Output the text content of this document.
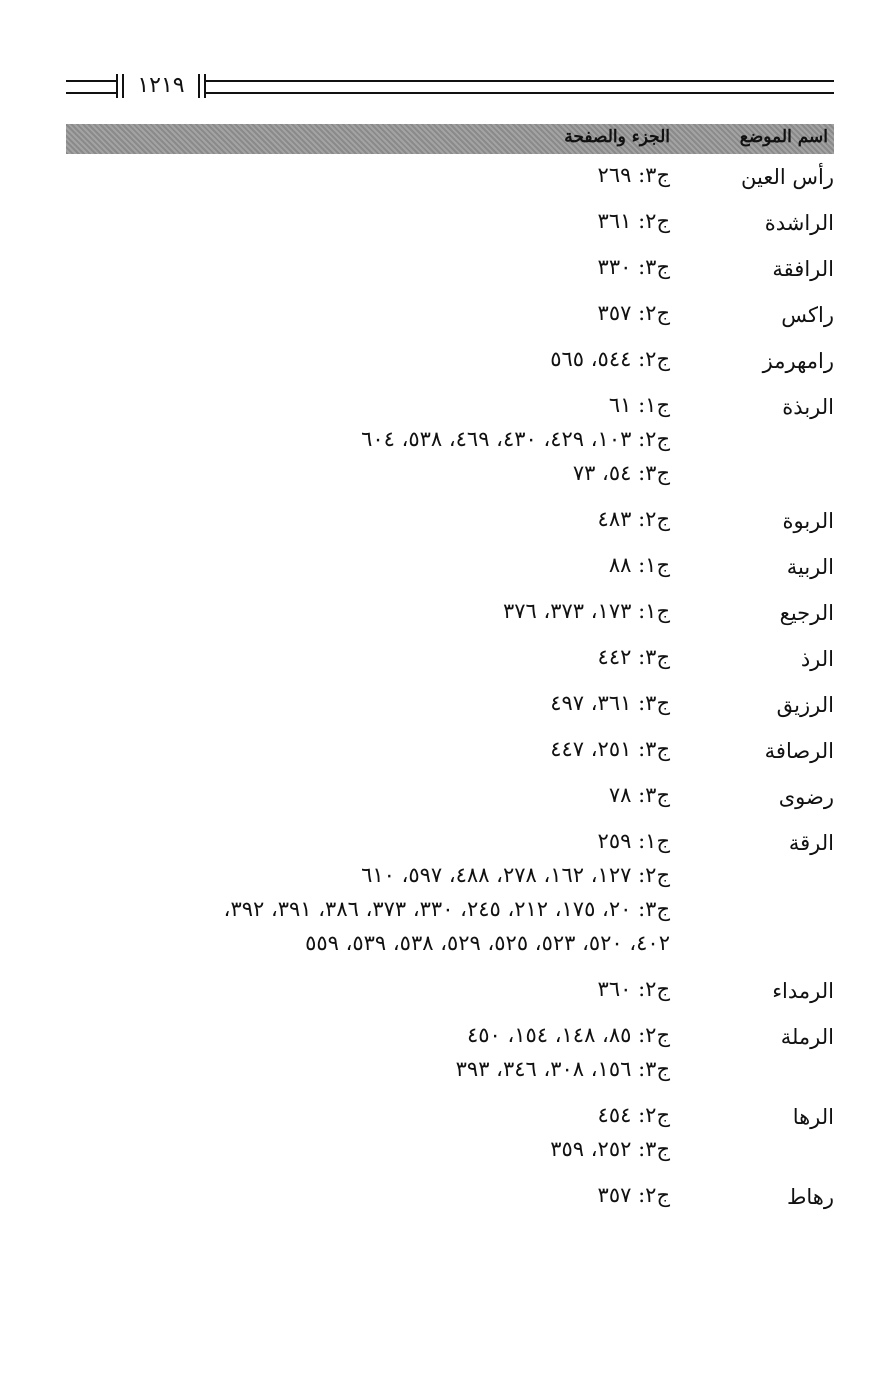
١٢١٩
اسم الموضع
الجزء والصفحة
رأس العين
ج٣: ٢٦٩
الراشدة
ج٢: ٣٦١
الرافقة
ج٣: ٣٣٠
راكس
ج٢: ٣٥٧
رامهرمز
ج٢: ٥٤٤، ٥٦٥
الربذة
ج١: ٦١
ج٢: ١٠٣، ٤٢٩، ٤٣٠، ٤٦٩، ٥٣٨، ٦٠٤
ج٣: ٥٤، ٧٣
الربوة
ج٢: ٤٨٣
الربية
ج١: ٨٨
الرجيع
ج١: ١٧٣، ٣٧٣، ٣٧٦
الرذ
ج٣: ٤٤٢
الرزيق
ج٣: ٣٦١، ٤٩٧
الرصافة
ج٣: ٢٥١، ٤٤٧
رضوى
ج٣: ٧٨
الرقة
ج١: ٢٥٩
ج٢: ١٢٧، ١٦٢، ٢٧٨، ٤٨٨، ٥٩٧، ٦١٠
ج٣: ٢٠، ١٧٥، ٢١٢، ٢٤٥، ٣٣٠، ٣٧٣، ٣٨٦، ٣٩١، ٣٩٢،
٤٠٢، ٥٢٠، ٥٢٣، ٥٢٥، ٥٢٩، ٥٣٨، ٥٣٩، ٥٥٩
الرمداء
ج٢: ٣٦٠
الرملة
ج٢: ٨٥، ١٤٨، ١٥٤، ٤٥٠
ج٣: ١٥٦، ٣٠٨، ٣٤٦، ٣٩٣
الرها
ج٢: ٤٥٤
ج٣: ٢٥٢، ٣٥٩
رهاط
ج٢: ٣٥٧
